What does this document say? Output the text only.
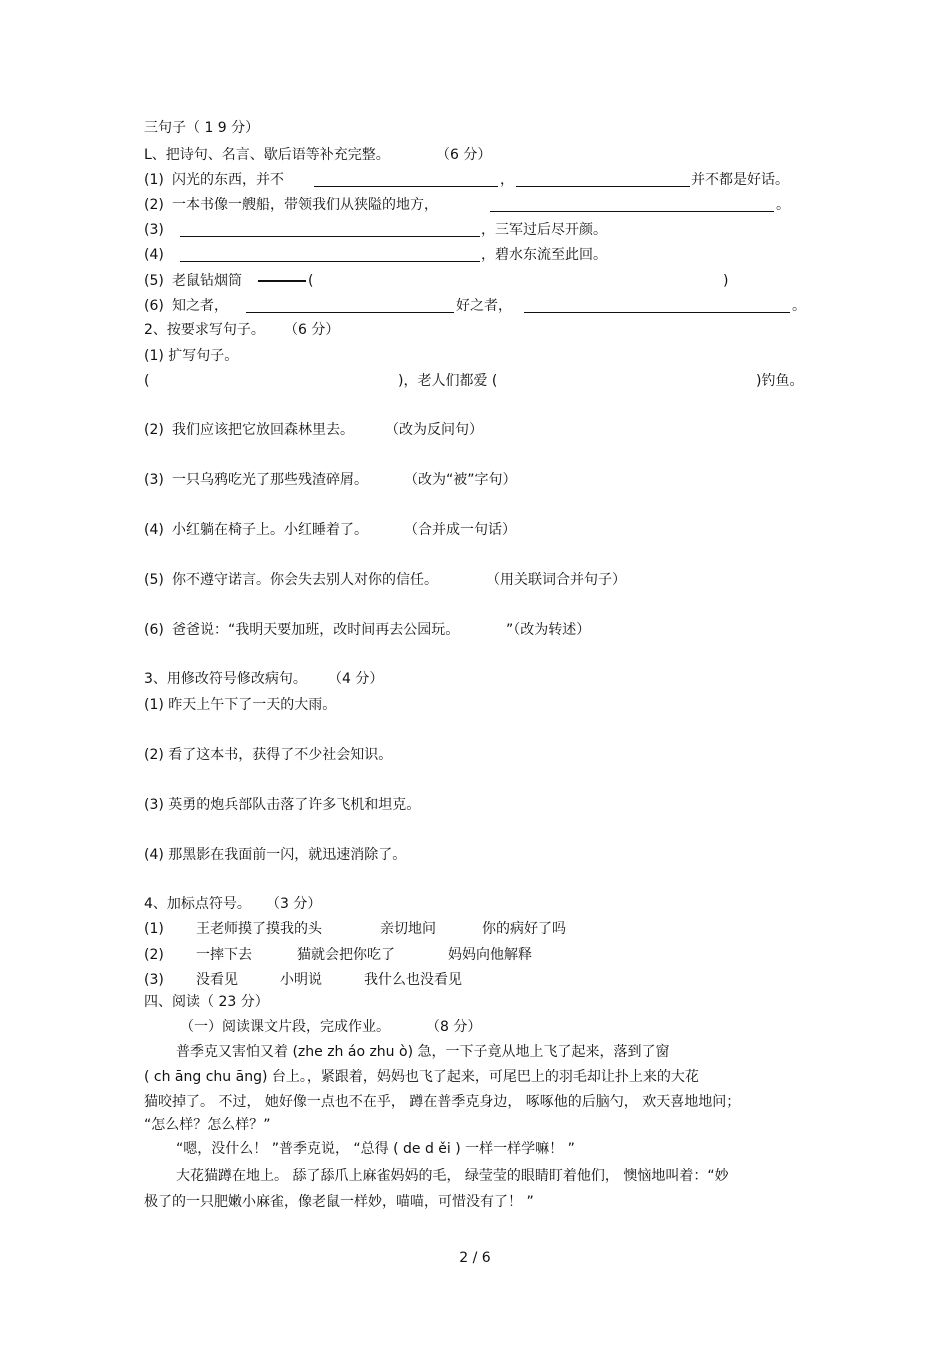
三句子（ 1 9 分）
L、把诗句、名言、歇后语等补充完整。	（6 分）
(1) 闪光的东西，并不	，	并不都是好话。
(2) 一本书像一艘船，带领我们从狭隘的地方，	。
(3)	，三军过后尽开颜。
(4)	，碧水东流至此回。
(5) 老鼠钻烟筒	(	)
(6) 知之者，	好之者，	。
2、按要求写句子。 （6 分）
(1) 扩写句子。
(	)，老人们都爱 (	)钓鱼。
(2) 我们应该把它放回森林里去。 （改为反问句）
(3) 一只乌鸦吃光了那些残渣碎屑。	（改为“被”字句）
(4) 小红躺在椅子上。小红睡着了。	（合并成一句话）
(5) 你不遵守诺言。你会失去别人对你的信任。	（用关联词合并句子）
(6) 爸爸说：“我明天要加班，改时间再去公园玩。	”（改为转述）
3、用修改符号修改病句。 （4 分）
(1) 昨天上午下了一天的大雨。
(2) 看了这本书，获得了不少社会知识。
(3) 英勇的炮兵部队击落了许多飞机和坦克。
(4) 那黑影在我面前一闪，就迅速消除了。
4、加标点符号。 （3 分）
(1) 王老师摸了摸我的头	亲切地问	你的病好了吗
(2) 一摔下去	猫就会把你吃了	妈妈向他解释
(3) 没看见	小明说	我什么也没看见
四、阅读（ 23 分）
（一）阅读课文片段，完成作业。	（8 分）
普季克又害怕又着 (zhe zh áo zhu ò) 急，一下子竟从地上飞了起来，落到了窗
( ch āng chu āng) 台上。，紧跟着，妈妈也飞了起来，可尾巴上的羽毛却让扑上来的大花
猫咬掉了。 不过， 她好像一点也不在乎， 蹲在普季克身边， 啄啄他的后脑勺， 欢天喜地地问；
“怎么样？怎么样？”
“嗯，没什么！ ”普季克说， “总得 ( de d ěi ) 一样一样学嘛！ ”
大花猫蹲在地上。 舔了舔爪上麻雀妈妈的毛， 绿莹莹的眼睛盯着他们， 懊恼地叫着：“妙
极了的一只肥嫩小麻雀，像老鼠一样妙，喵喵，可惜没有了！ ”
2 / 6
